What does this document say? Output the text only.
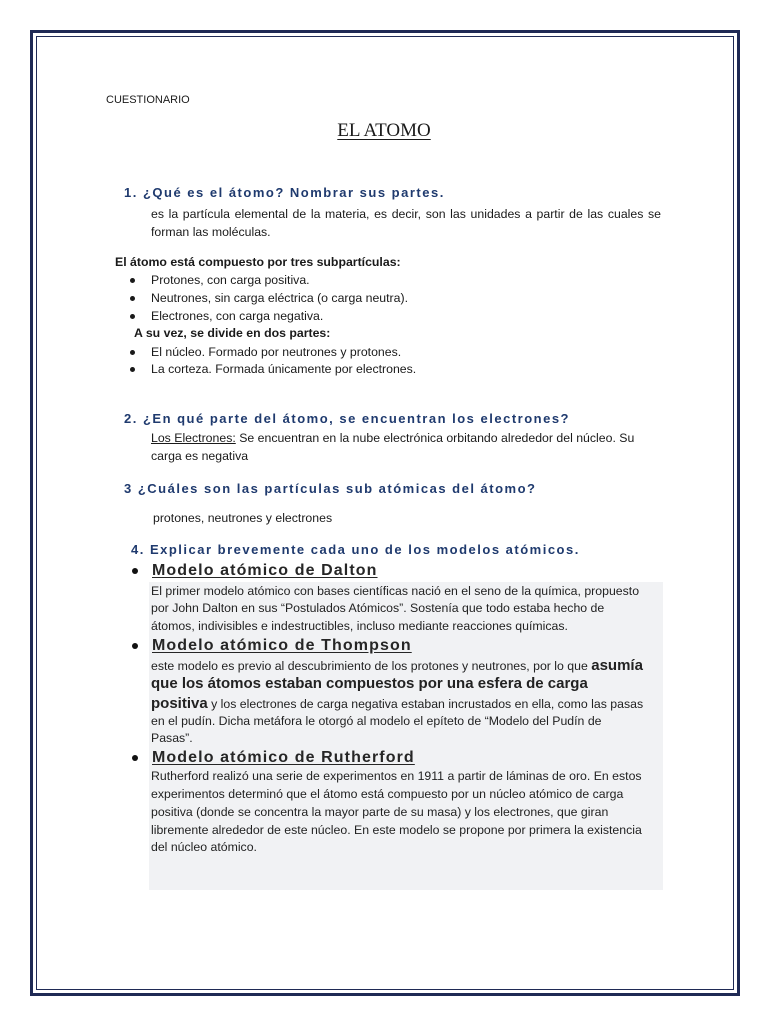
CUESTIONARIO
EL ATOMO
1. ¿Qué es el átomo? Nombrar sus partes.
es la partícula elemental de la materia, es decir, son las unidades a partir de las cuales se
forman las moléculas.
El átomo está compuesto por tres subpartículas:
Protones, con carga positiva.
Neutrones, sin carga eléctrica (o carga neutra).
Electrones, con carga negativa.
A su vez, se divide en dos partes:
El núcleo. Formado por neutrones y protones.
La corteza. Formada únicamente por electrones.
2. ¿En qué parte del átomo, se encuentran los electrones?
Los Electrones: Se encuentran en la nube electrónica orbitando alrededor del núcleo. Su
carga es negativa
3 ¿Cuáles son las partículas sub atómicas del átomo?
protones, neutrones y electrones
4. Explicar brevemente cada uno de los modelos atómicos.
Modelo atómico de Dalton
El primer modelo atómico con bases científicas nació en el seno de la química, propuesto
por John Dalton en sus “Postulados Atómicos”. Sostenía que todo estaba hecho de
átomos, indivisibles e indestructibles, incluso mediante reacciones químicas.
Modelo atómico de Thompson
este modelo es previo al descubrimiento de los protones y neutrones, por lo que asumía
que los átomos estaban compuestos por una esfera de carga
positiva y los electrones de carga negativa estaban incrustados en ella, como las pasas
en el pudín. Dicha metáfora le otorgó al modelo el epíteto de “Modelo del Pudín de
Pasas”.
Modelo atómico de Rutherford
Rutherford realizó una serie de experimentos en 1911 a partir de láminas de oro. En estos
experimentos determinó que el átomo está compuesto por un núcleo atómico de carga
positiva (donde se concentra la mayor parte de su masa) y los electrones, que giran
libremente alrededor de este núcleo. En este modelo se propone por primera la existencia
del núcleo atómico.
